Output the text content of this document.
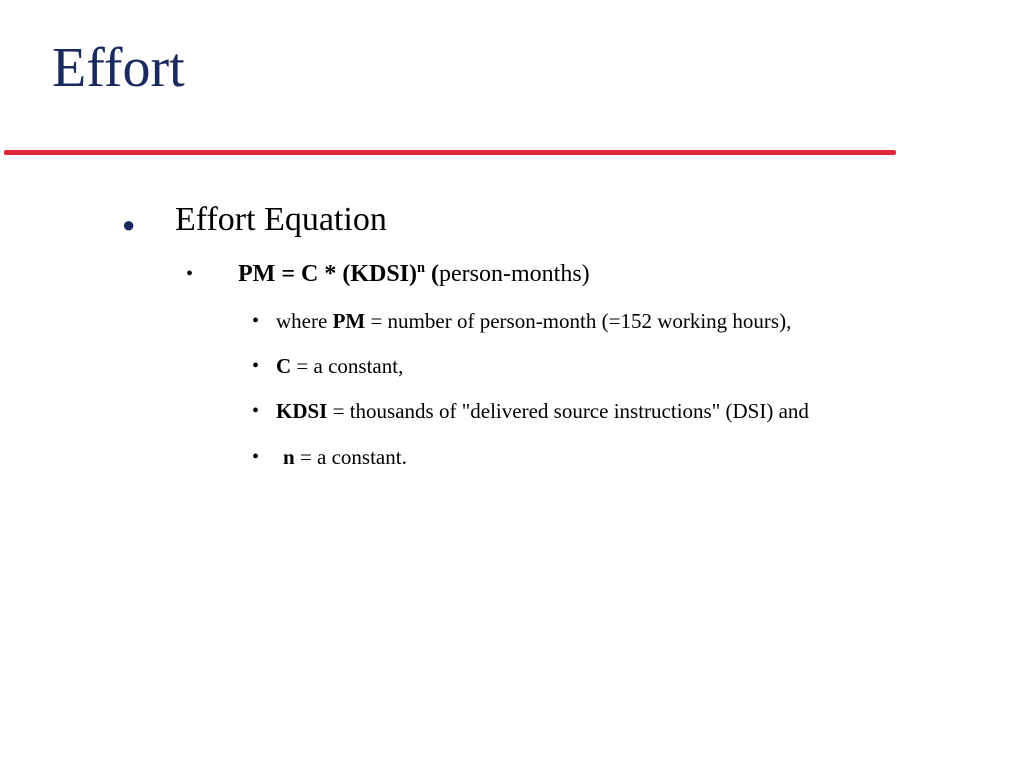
Effort
● Effort Equation
• PM = C * (KDSI)$^n$ (person-months)
• where PM = number of person-month (=152 working hours),
• C = a constant,
• KDSI = thousands of "delivered source instructions" (DSI) and
• n = a constant.
